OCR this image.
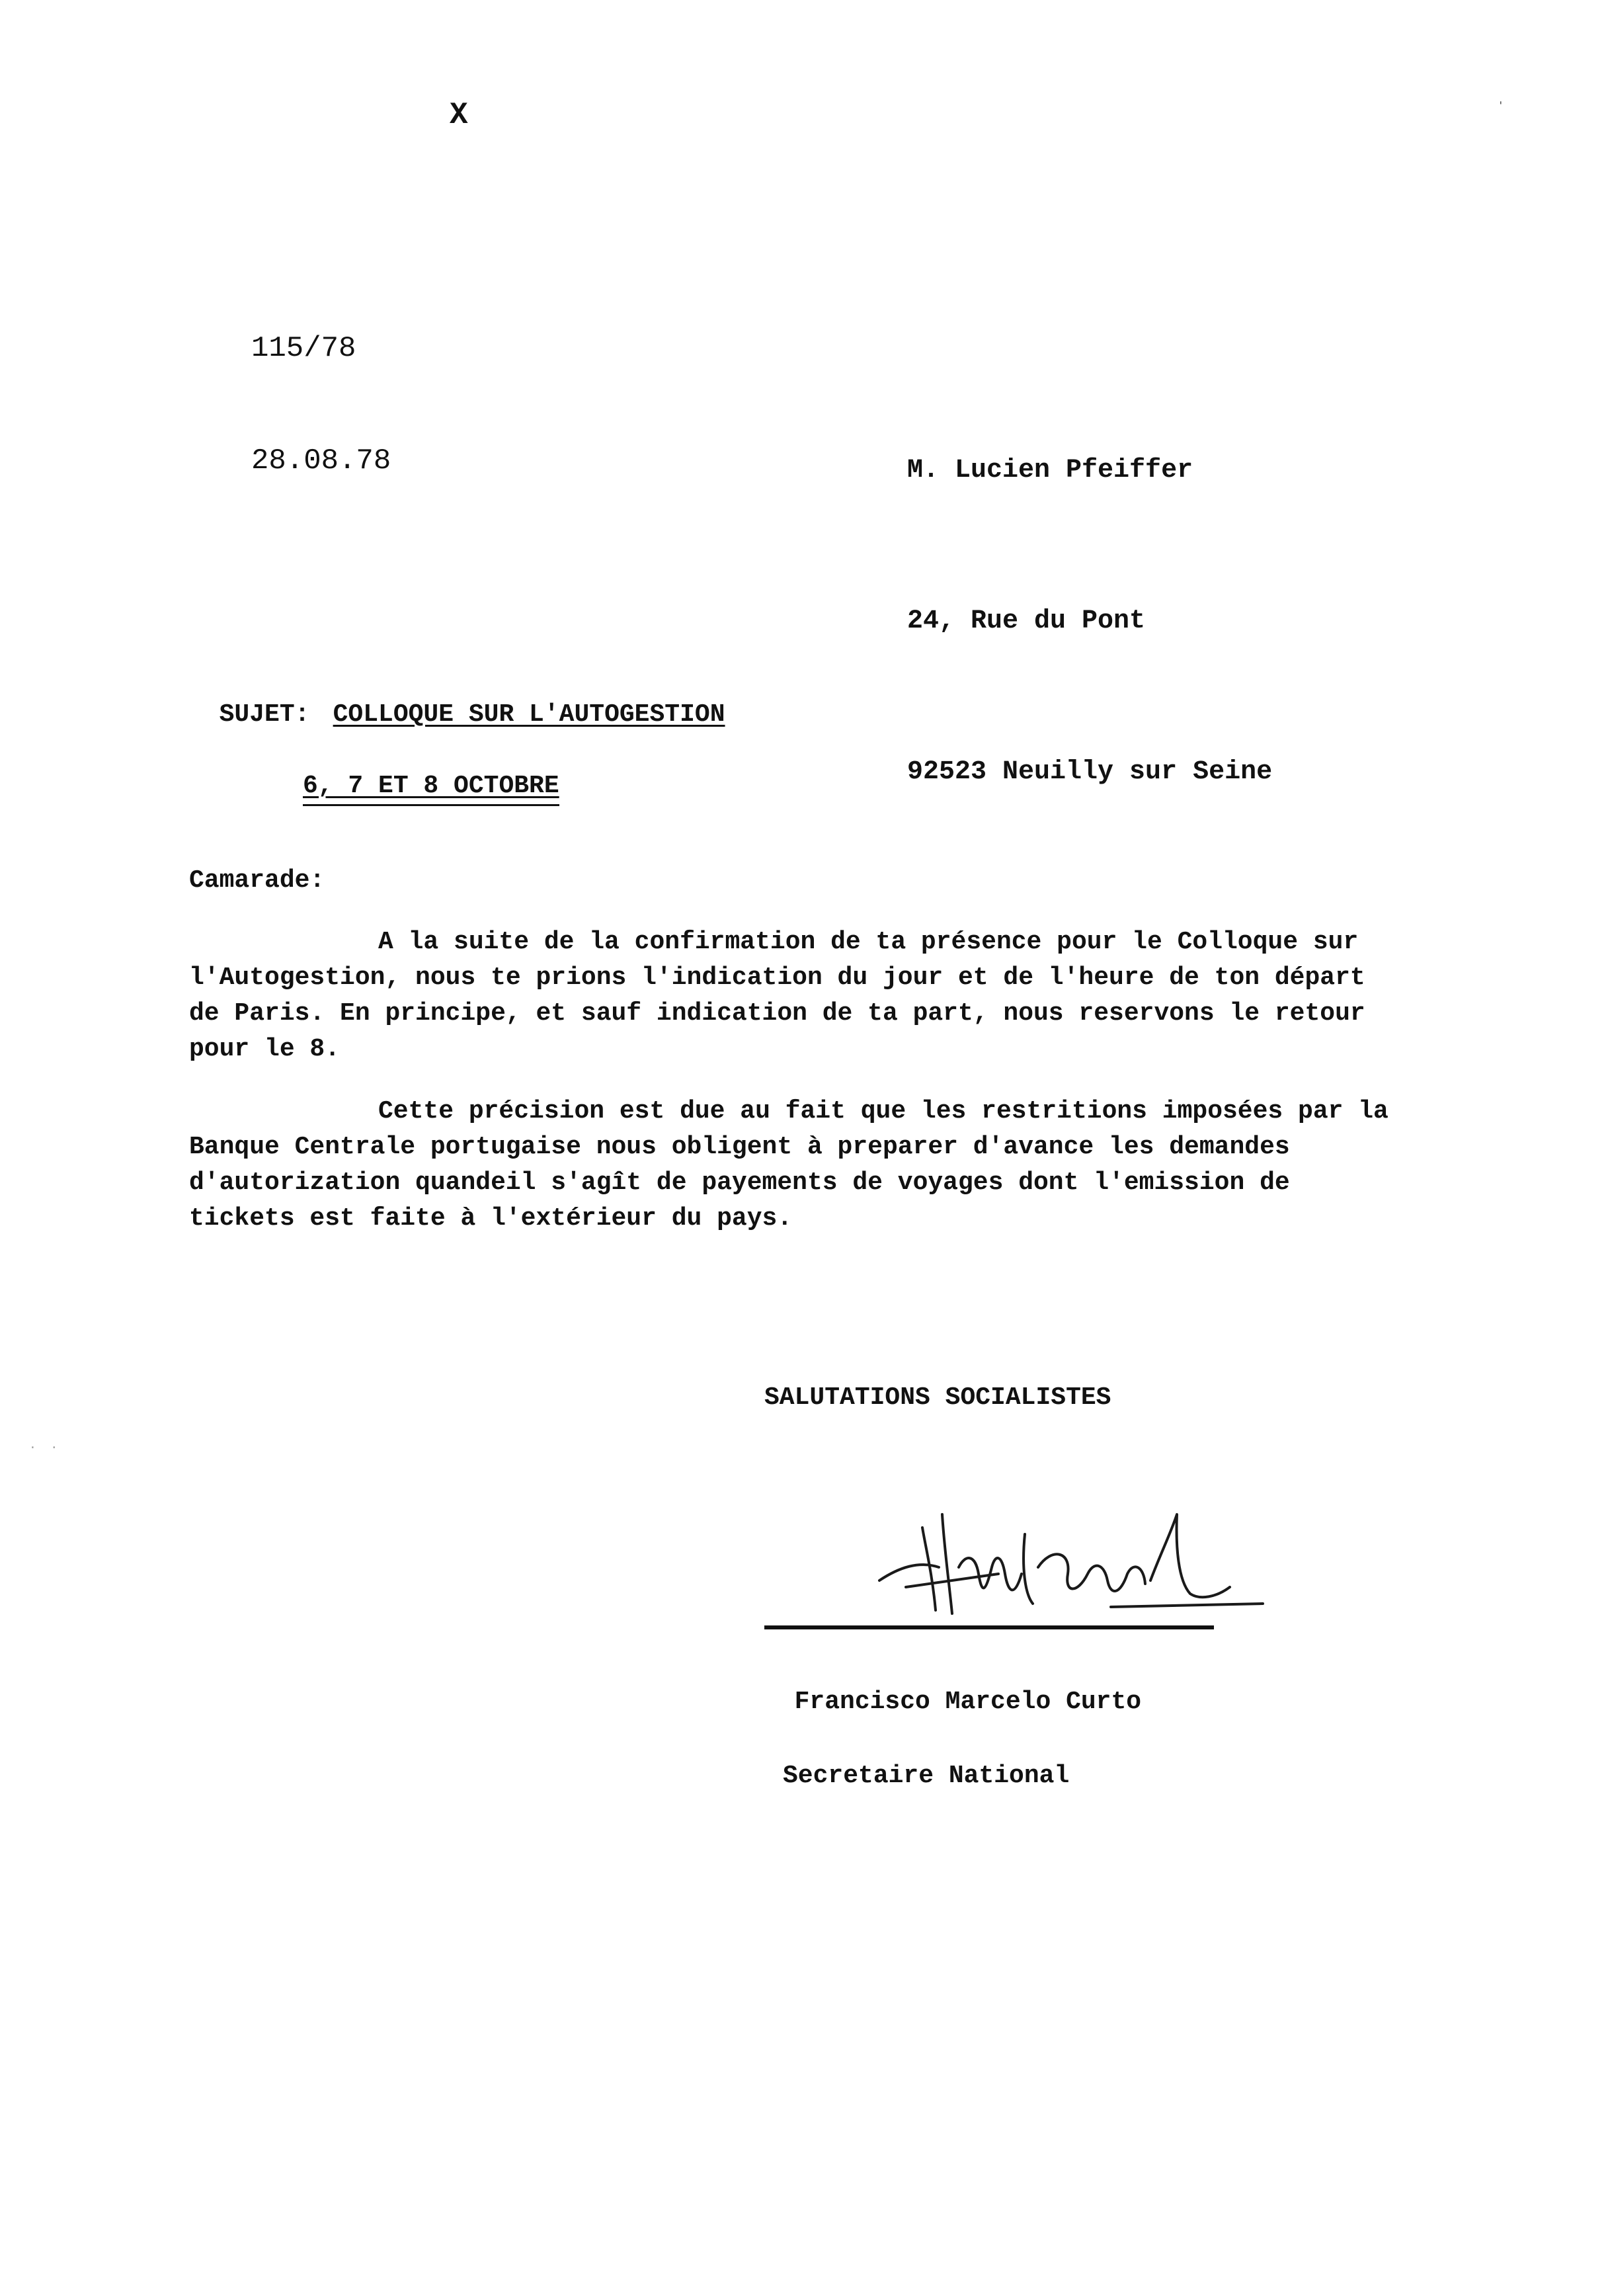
X	ˈ
115/78
28.08.78

	M. Lucien Pfeiffer

24, Rue du Pont

92523 Neuilly sur Seine

SUJET: COLLOQUE SUR L'AUTOGESTION

6, 7 ET 8 OCTOBRE

Camarade:

A la suite de la confirmation de ta présence pour le Colloque sur l'Autogestion, nous te prions l'indication du jour et de l'heure de ton départ de Paris. En principe, et sauf indication de ta part, nous reservons le retour pour le 8.

Cette précision est due au fait que les restritions imposées par la Banque Centrale portugaise nous obligent à preparer d'avance les demandes d'autorization quandeil s'agît de payements de voyages dont l'emission de tickets est faite à l'extérieur du pays.

SALUTATIONS SOCIALISTES

Francisco Marcelo Curto

Secretaire National

·  ·
